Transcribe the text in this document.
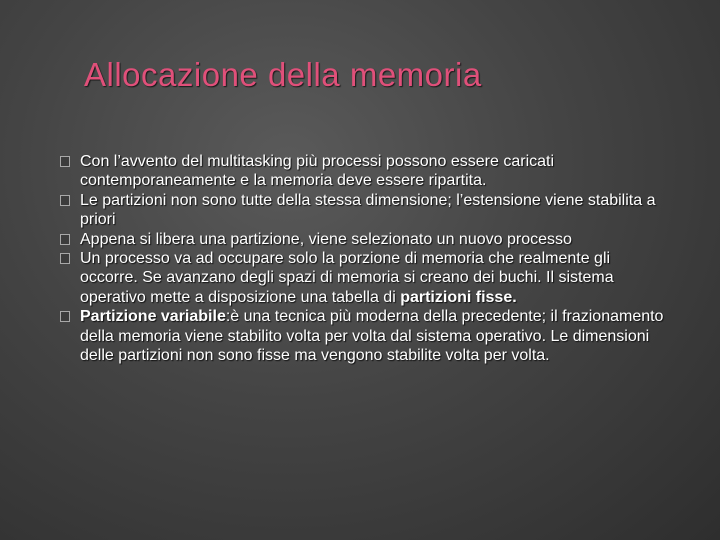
Allocazione della memoria
Con l’avvento del multitasking più processi possono essere caricati contemporaneamente e la memoria deve essere ripartita.
Le partizioni non sono tutte della stessa dimensione; l’estensione viene stabilita a priori
Appena si libera una partizione, viene selezionato un nuovo processo
Un processo va ad occupare solo la porzione di memoria che realmente gli occorre. Se avanzano degli spazi di memoria si creano dei buchi. Il sistema operativo mette a disposizione una tabella di partizioni fisse.
Partizione variabile:è una tecnica più moderna della precedente; il frazionamento della memoria viene stabilito volta per volta dal sistema operativo. Le dimensioni delle partizioni non sono fisse ma vengono stabilite volta per volta.
